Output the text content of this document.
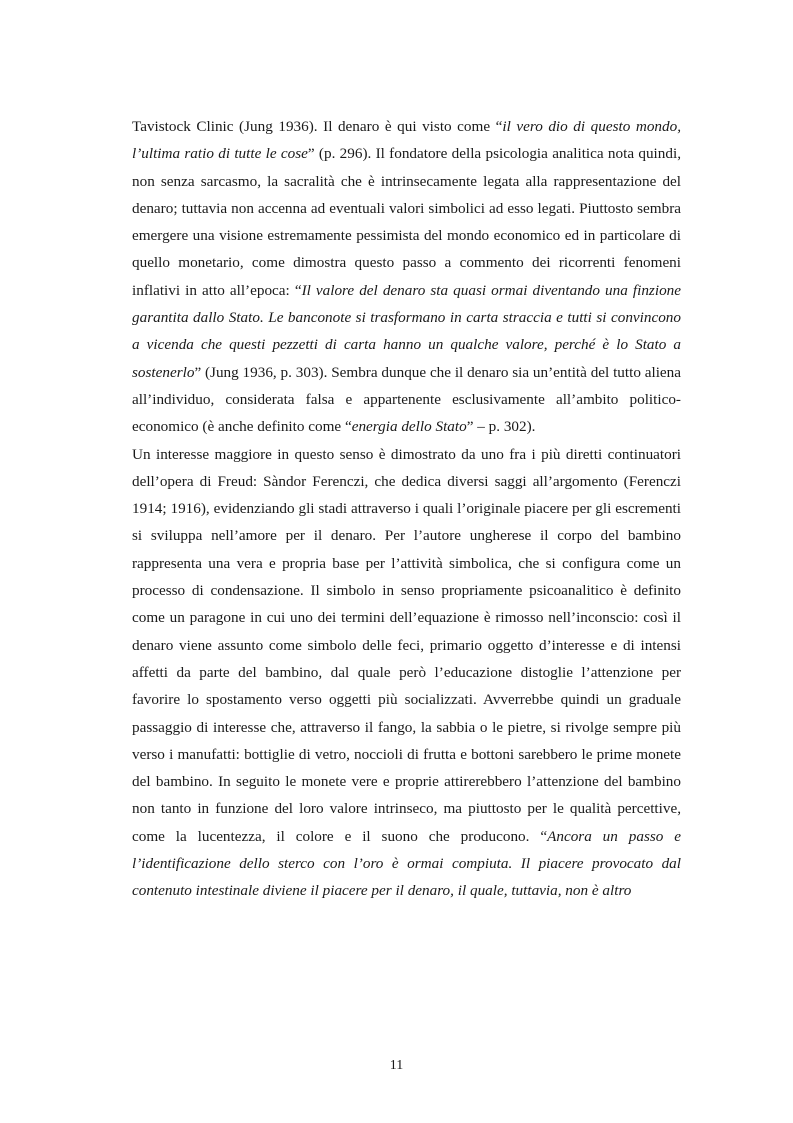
Tavistock Clinic (Jung 1936). Il denaro è qui visto come “il vero dio di questo mondo, l’ultima ratio di tutte le cose” (p. 296). Il fondatore della psicologia analitica nota quindi, non senza sarcasmo, la sacralità che è intrinsecamente legata alla rappresentazione del denaro; tuttavia non accenna ad eventuali valori simbolici ad esso legati. Piuttosto sembra emergere una visione estremamente pessimista del mondo economico ed in particolare di quello monetario, come dimostra questo passo a commento dei ricorrenti fenomeni inflativi in atto all’epoca: “Il valore del denaro sta quasi ormai diventando una finzione garantita dallo Stato. Le banconote si trasformano in carta straccia e tutti si convincono a vicenda che questi pezzetti di carta hanno un qualche valore, perché è lo Stato a sostenerlo” (Jung 1936, p. 303). Sembra dunque che il denaro sia un’entità del tutto aliena all’individuo, considerata falsa e appartenente esclusivamente all’ambito politico-economico (è anche definito come “energia dello Stato” – p. 302).

Un interesse maggiore in questo senso è dimostrato da uno fra i più diretti continuatori dell’opera di Freud: Sàndor Ferenczi, che dedica diversi saggi all’argomento (Ferenczi 1914; 1916), evidenziando gli stadi attraverso i quali l’originale piacere per gli escrementi si sviluppa nell’amore per il denaro. Per l’autore ungherese il corpo del bambino rappresenta una vera e propria base per l’attività simbolica, che si configura come un processo di condensazione. Il simbolo in senso propriamente psicoanalitico è definito come un paragone in cui uno dei termini dell’equazione è rimosso nell’inconscio: così il denaro viene assunto come simbolo delle feci, primario oggetto d’interesse e di intensi affetti da parte del bambino, dal quale però l’educazione distoglie l’attenzione per favorire lo spostamento verso oggetti più socializzati. Avverrebbe quindi un graduale passaggio di interesse che, attraverso il fango, la sabbia o le pietre, si rivolge sempre più verso i manufatti: bottiglie di vetro, noccioli di frutta e bottoni sarebbero le prime monete del bambino. In seguito le monete vere e proprie attirerebbero l’attenzione del bambino non tanto in funzione del loro valore intrinseco, ma piuttosto per le qualità percettive, come la lucentezza, il colore e il suono che producono. “Ancora un passo e l’identificazione dello sterco con l’oro è ormai compiuta. Il piacere provocato dal contenuto intestinale diviene il piacere per il denaro, il quale, tuttavia, non è altro

11
